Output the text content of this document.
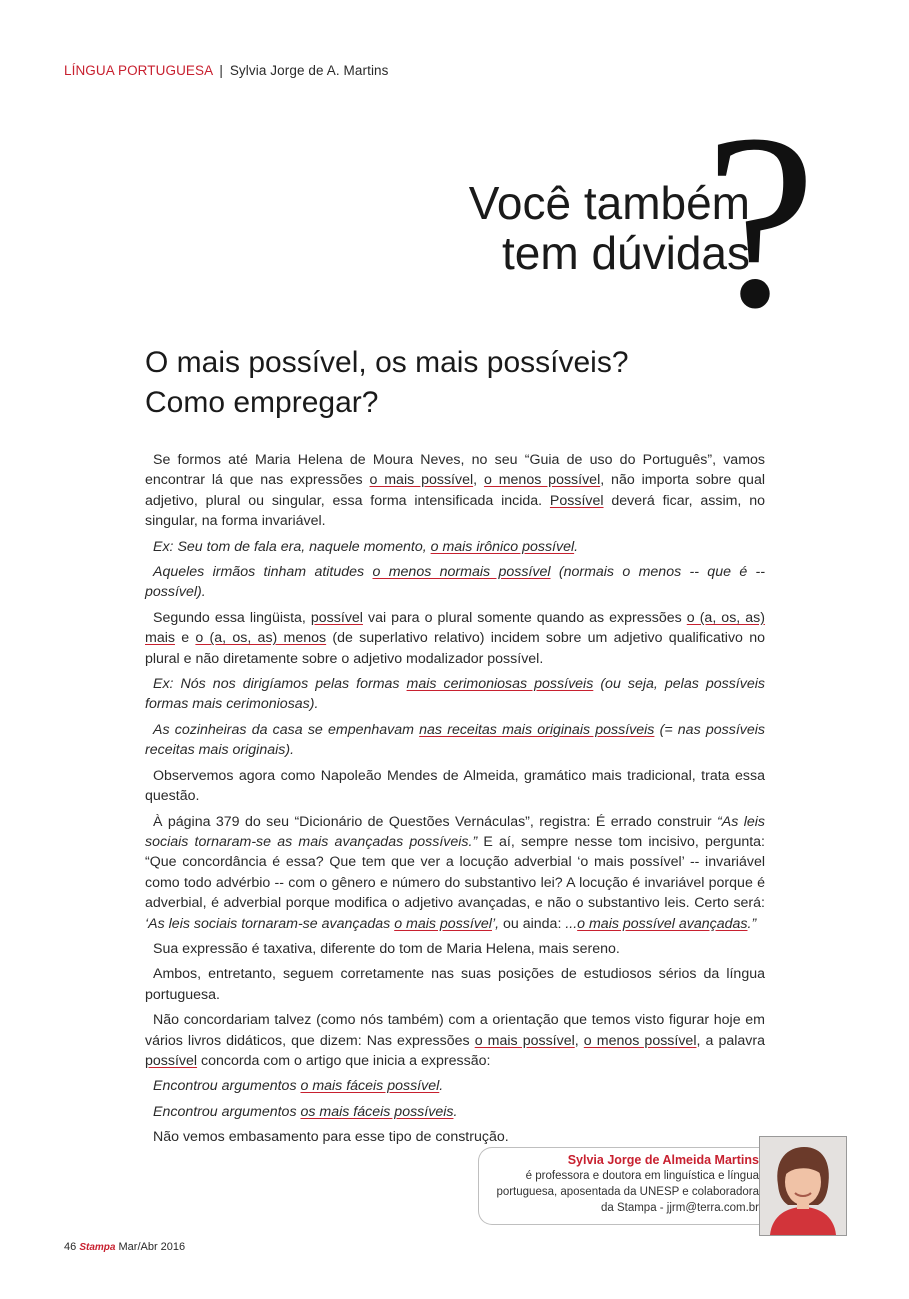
LÍNGUA PORTUGUESA | Sylvia Jorge de A. Martins
?
Você também
tem dúvidas
O mais possível, os mais possíveis?
Como empregar?

Se formos até Maria Helena de Moura Neves, no seu “Guia de uso do Português”, vamos encontrar lá que nas expressões o mais possível, o menos possível, não importa sobre qual adjetivo, plural ou singular, essa forma intensificada incida. Possível deverá ficar, assim, no singular, na forma invariável.

Ex: Seu tom de fala era, naquele momento, o mais irônico possível.

Aqueles irmãos tinham atitudes o menos normais possível (normais o menos -- que é -- possível).

Segundo essa lingüista, possível vai para o plural somente quando as expressões o (a, os, as) mais e o (a, os, as) menos (de superlativo relativo) incidem sobre um adjetivo qualificativo no plural e não diretamente sobre o adjetivo modalizador possível.

Ex: Nós nos dirigíamos pelas formas mais cerimoniosas possíveis (ou seja, pelas possíveis formas mais cerimoniosas).

As cozinheiras da casa se empenhavam nas receitas mais originais possíveis (= nas possíveis receitas mais originais).

Observemos agora como Napoleão Mendes de Almeida, gramático mais tradicional, trata essa questão.

À página 379 do seu “Dicionário de Questões Vernáculas”, registra: É errado construir “As leis sociais tornaram-se as mais avançadas possíveis.” E aí, sempre nesse tom incisivo, pergunta: “Que concordância é essa? Que tem que ver a locução adverbial ‘o mais possível’ -- invariável como todo advérbio -- com o gênero e número do substantivo lei? A locução é invariável porque é adverbial, é adverbial porque modifica o adjetivo avançadas, e não o substantivo leis. Certo será: ‘As leis sociais tornaram-se avançadas o mais possível’, ou ainda: ...o mais possível avançadas.”

Sua expressão é taxativa, diferente do tom de Maria Helena, mais sereno.

Ambos, entretanto, seguem corretamente nas suas posições de estudiosos sérios da língua portuguesa.

Não concordariam talvez (como nós também) com a orientação que temos visto figurar hoje em vários livros didáticos, que dizem: Nas expressões o mais possível, o menos possível, a palavra possível concorda com o artigo que inicia a expressão:

Encontrou argumentos o mais fáceis possível.

Encontrou argumentos os mais fáceis possíveis.

Não vemos embasamento para esse tipo de construção.

Sylvia Jorge de Almeida Martins
é professora e doutora em linguística e língua
portuguesa, aposentada da UNESP e colaboradora
da Stampa - jjrm@terra.com.br
46 Stampa Mar/Abr 2016
